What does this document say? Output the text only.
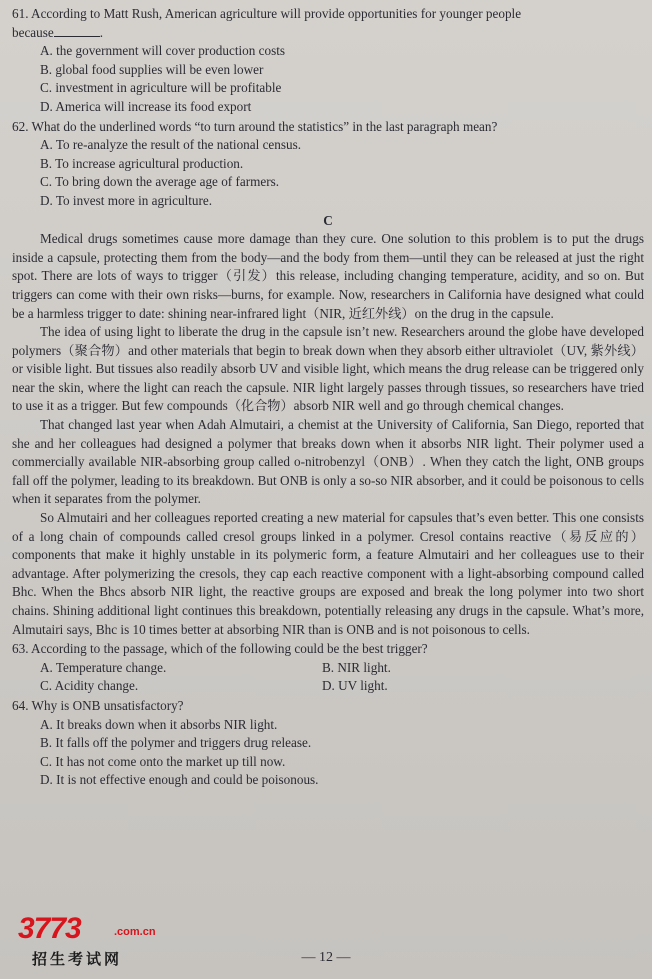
61. According to Matt Rush, American agriculture will provide opportunities for younger people
because	.
A. the government will cover production costs
B. global food supplies will be even lower
C. investment in agriculture will be profitable
D. America will increase its food export
62. What do the underlined words “to turn around the statistics” in the last paragraph mean?
A. To re-analyze the result of the national census.
B. To increase agricultural production.
C. To bring down the average age of farmers.
D. To invest more in agriculture.
C
Medical drugs sometimes cause more damage than they cure. One solution to this problem is to put the drugs inside a capsule, protecting them from the body—and the body from them—until they can be released at just the right spot. There are lots of ways to trigger（引发）this release, including changing temperature, acidity, and so on. But triggers can come with their own risks—burns, for example. Now, researchers in California have designed what could be a harmless trigger to date: shining near-infrared light（NIR, 近红外线）on the drug in the capsule.
The idea of using light to liberate the drug in the capsule isn’t new. Researchers around the globe have developed polymers（聚合物）and other materials that begin to break down when they absorb either ultraviolet（UV, 紫外线）or visible light. But tissues also readily absorb UV and visible light, which means the drug release can be triggered only near the skin, where the light can reach the capsule. NIR light largely passes through tissues, so researchers have tried to use it as a trigger. But few compounds（化合物）absorb NIR well and go through chemical changes.
That changed last year when Adah Almutairi, a chemist at the University of California, San Diego, reported that she and her colleagues had designed a polymer that breaks down when it absorbs NIR light. Their polymer used a commercially available NIR-absorbing group called o-nitrobenzyl（ONB）. When they catch the light, ONB groups fall off the polymer, leading to its breakdown. But ONB is only a so-so NIR absorber, and it could be poisonous to cells when it separates from the polymer.
So Almutairi and her colleagues reported creating a new material for capsules that’s even better. This one consists of a long chain of compounds called cresol groups linked in a polymer. Cresol contains reactive（易反应的）components that make it highly unstable in its polymeric form, a feature Almutairi and her colleagues use to their advantage. After polymerizing the cresols, they cap each reactive component with a light-absorbing compound called Bhc. When the Bhcs absorb NIR light, the reactive groups are exposed and break the long polymer into two short chains. Shining additional light continues this breakdown, potentially releasing any drugs in the capsule. What’s more, Almutairi says, Bhc is 10 times better at absorbing NIR than is ONB and is not poisonous to cells.
63. According to the passage, which of the following could be the best trigger?
A. Temperature change.	B. NIR light.
C. Acidity change.	D. UV light.
64. Why is ONB unsatisfactory?
A. It breaks down when it absorbs NIR light.
B. It falls off the polymer and triggers drug release.
C. It has not come onto the market up till now.
D. It is not effective enough and could be poisonous.
— 12 —
3773	.com.cn
招生考试网
